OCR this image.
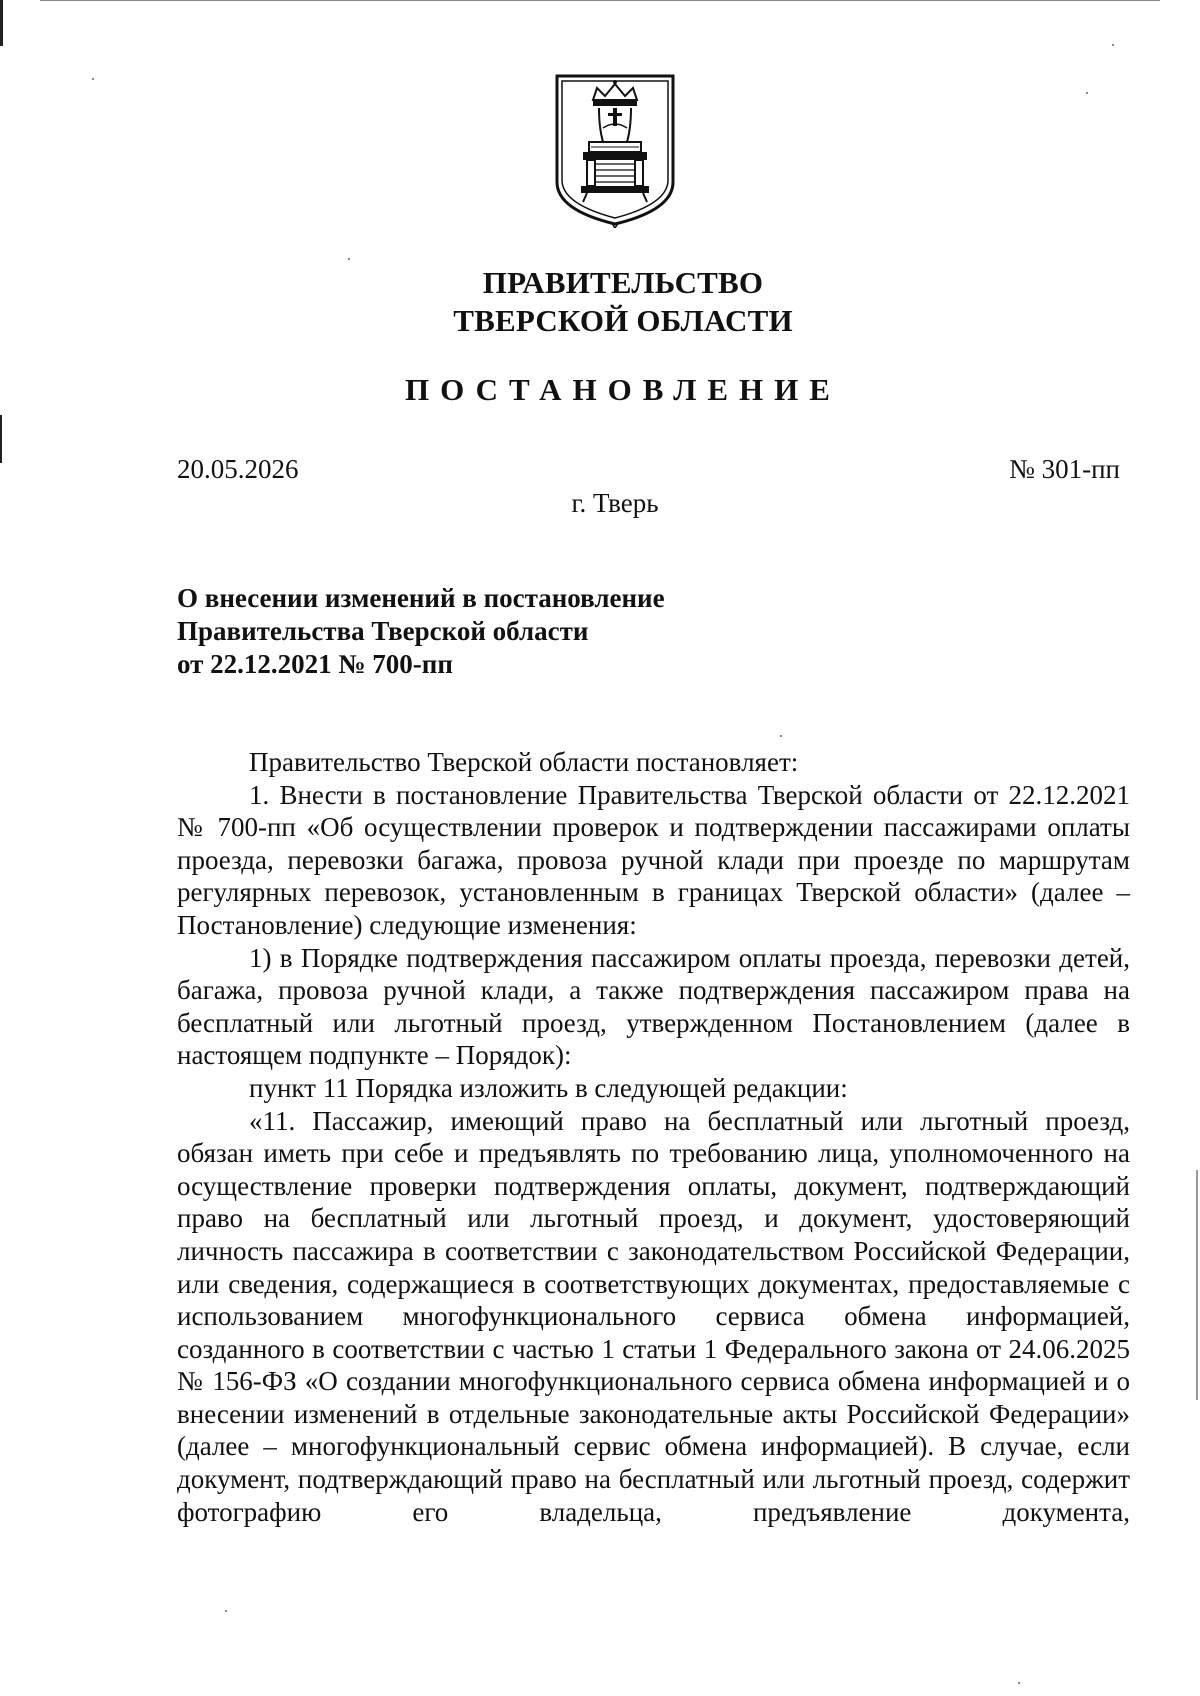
ПРАВИТЕЛЬСТВО
ТВЕРСКОЙ ОБЛАСТИ
ПОСТАНОВЛЕНИЕ
20.05.2026	№ 301-пп
г. Тверь
О внесении изменений в постановление
Правительства Тверской области
от 22.12.2021 № 700-пп

Правительство Тверской области постановляет:

1. Внести в постановление Правительства Тверской области от 22.12.2021 № 700-пп «Об осуществлении проверок и подтверждении пассажирами оплаты проезда, перевозки багажа, провоза ручной клади при проезде по маршрутам регулярных перевозок, установленным в границах Тверской области» (далее – Постановление) следующие изменения:

1) в Порядке подтверждения пассажиром оплаты проезда, перевозки детей, багажа, провоза ручной клади, а также подтверждения пассажиром права на бесплатный или льготный проезд, утвержденном Постановлением (далее в настоящем подпункте – Порядок):

пункт 11 Порядка изложить в следующей редакции:

«11. Пассажир, имеющий право на бесплатный или льготный проезд, обязан иметь при себе и предъявлять по требованию лица, уполномоченного на осуществление проверки подтверждения оплаты, документ, подтверждающий право на бесплатный или льготный проезд, и документ, удостоверяющий личность пассажира в соответствии с законодательством Российской Федерации, или сведения, содержащиеся в соответствующих документах, предоставляемые с использованием многофункционального сервиса обмена информацией, созданного в соответствии с частью 1 статьи 1 Федерального закона от 24.06.2025 № 156-ФЗ «О создании многофункционального сервиса обмена информацией и о внесении изменений в отдельные законодательные акты Российской Федерации» (далее – многофункциональный сервис обмена информацией). В случае, если документ, подтверждающий право на бесплатный или льготный проезд, содержит фотографию его владельца, предъявление документа,
